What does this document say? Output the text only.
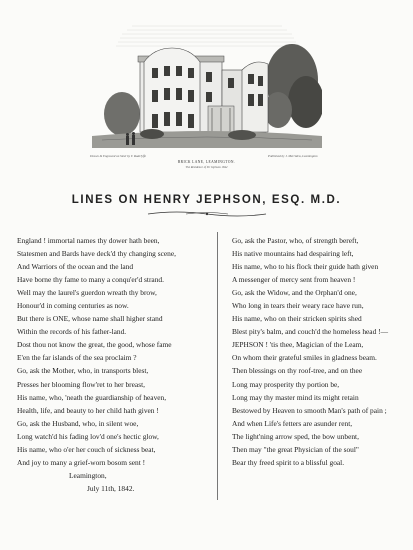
Drawn & Engraved on Steel by T. Radclyffe	Published by J. Merridew, Leamington
BRICK LANE, LEAMINGTON.
The Residence of Dr Jephson 1842
LINES ON HENRY JEPHSON, ESQ. M.D.
England ! immortal names thy dower hath been,
Statesmen and Bards have deck'd thy changing scene,
And Warriors of the ocean and the land
Have borne thy fame to many a conqu'er'd strand.
Well may the laurel's guerdon wreath thy brow,
Honour'd in coming centuries as now.
But there is ONE, whose name shall higher stand
Within the records of his father-land.
Dost thou not know the great, the good, whose fame
E'en the far islands of the sea proclaim ?
Go, ask the Mother, who, in transports blest,
Presses her blooming flow'ret to her breast,
His name, who, 'neath the guardianship of heaven,
Health, life, and beauty to her child hath given !
Go, ask the Husband, who, in silent woe,
Long watch'd his fading lov'd one's hectic glow,
His name, who o'er her couch of sickness beat,
And joy to many a grief-worn bosom sent !
Leamington,
July 11th, 1842.
Go, ask the Pastor, who, of strength bereft,
His native mountains had despairing left,
His name, who to his flock their guide hath given
A messenger of mercy sent from heaven !
Go, ask the Widow, and the Orphan'd one,
Who long in tears their weary race have run,
His name, who on their stricken spirits shed
Blest pity's balm, and couch'd the homeless head !—
JEPHSON ! 'tis thee, Magician of the Leam,
On whom their grateful smiles in gladness beam.
Then blessings on thy roof-tree, and on thee
Long may prosperity thy portion be,
Long may thy master mind its might retain
Bestowed by Heaven to smooth Man's path of pain ;
And when Life's fetters are asunder rent,
The light'ning arrow sped, the bow unbent,
Then may "the great Physician of the soul"
Bear thy freed spirit to a blissful goal.
